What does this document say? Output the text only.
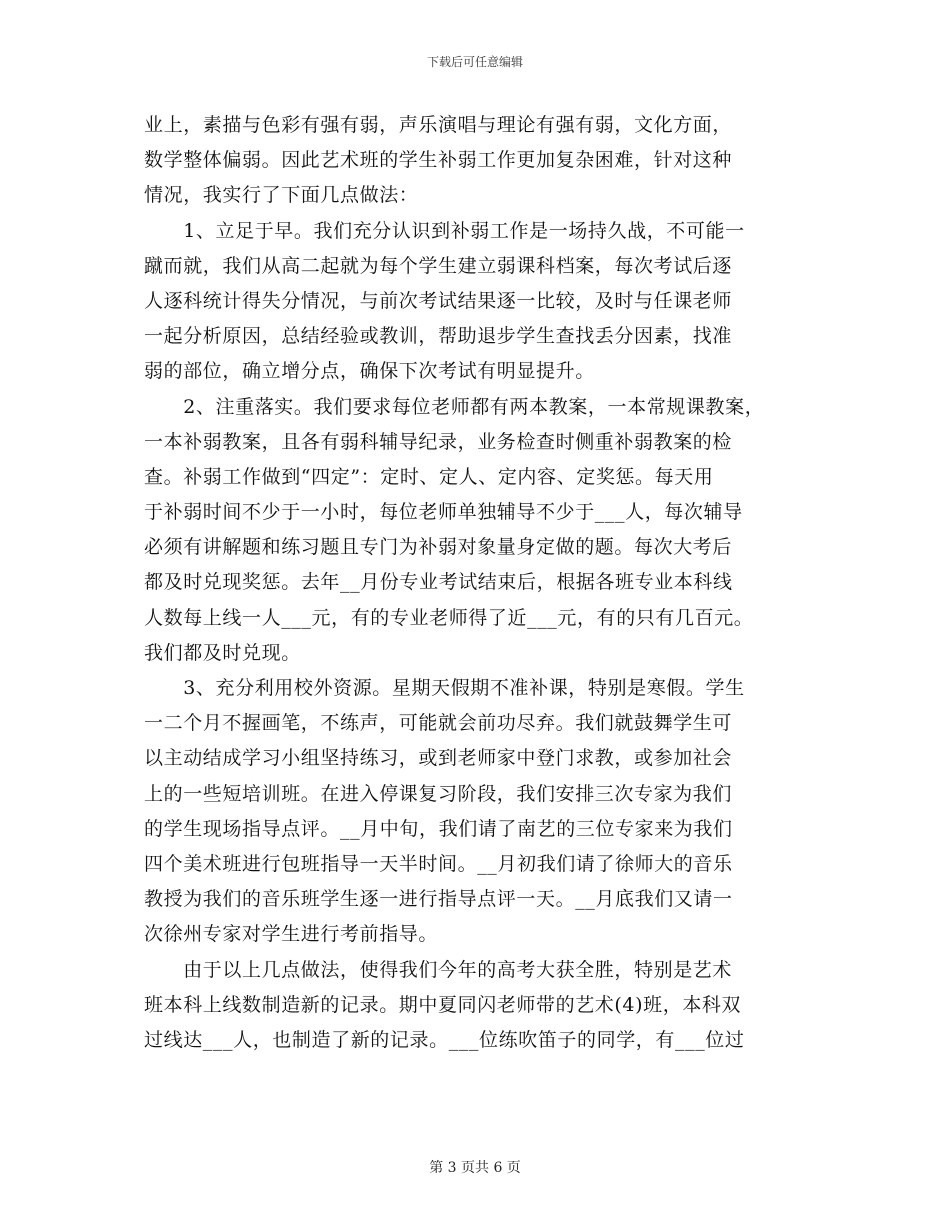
下载后可任意编辑
业上，素描与色彩有强有弱，声乐演唱与理论有强有弱，文化方面，
数学整体偏弱。因此艺术班的学生补弱工作更加复杂困难，针对这种
情况，我实行了下面几点做法：
　　1、立足于早。我们充分认识到补弱工作是一场持久战，不可能一
蹴而就，我们从高二起就为每个学生建立弱课科档案，每次考试后逐
人逐科统计得失分情况，与前次考试结果逐一比较，及时与任课老师
一起分析原因，总结经验或教训，帮助退步学生查找丢分因素，找准
弱的部位，确立增分点，确保下次考试有明显提升。
　　2、注重落实。我们要求每位老师都有两本教案，一本常规课教案，
一本补弱教案，且各有弱科辅导纪录，业务检查时侧重补弱教案的检
查。补弱工作做到“四定”：定时、定人、定内容、定奖惩。每天用
于补弱时间不少于一小时，每位老师单独辅导不少于___人，每次辅导
必须有讲解题和练习题且专门为补弱对象量身定做的题。每次大考后
都及时兑现奖惩。去年__月份专业考试结束后，根据各班专业本科线
人数每上线一人___元，有的专业老师得了近___元，有的只有几百元。
我们都及时兑现。
　　3、充分利用校外资源。星期天假期不准补课，特别是寒假。学生
一二个月不握画笔，不练声，可能就会前功尽弃。我们就鼓舞学生可
以主动结成学习小组坚持练习，或到老师家中登门求教，或参加社会
上的一些短培训班。在进入停课复习阶段，我们安排三次专家为我们
的学生现场指导点评。__月中旬，我们请了南艺的三位专家来为我们
四个美术班进行包班指导一天半时间。__月初我们请了徐师大的音乐
教授为我们的音乐班学生逐一进行指导点评一天。__月底我们又请一
次徐州专家对学生进行考前指导。
　　由于以上几点做法，使得我们今年的高考大获全胜，特别是艺术
班本科上线数制造新的记录。期中夏同闪老师带的艺术(4)班，本科双
过线达___人，也制造了新的记录。___位练吹笛子的同学，有___位过
第 3 页共 6 页
